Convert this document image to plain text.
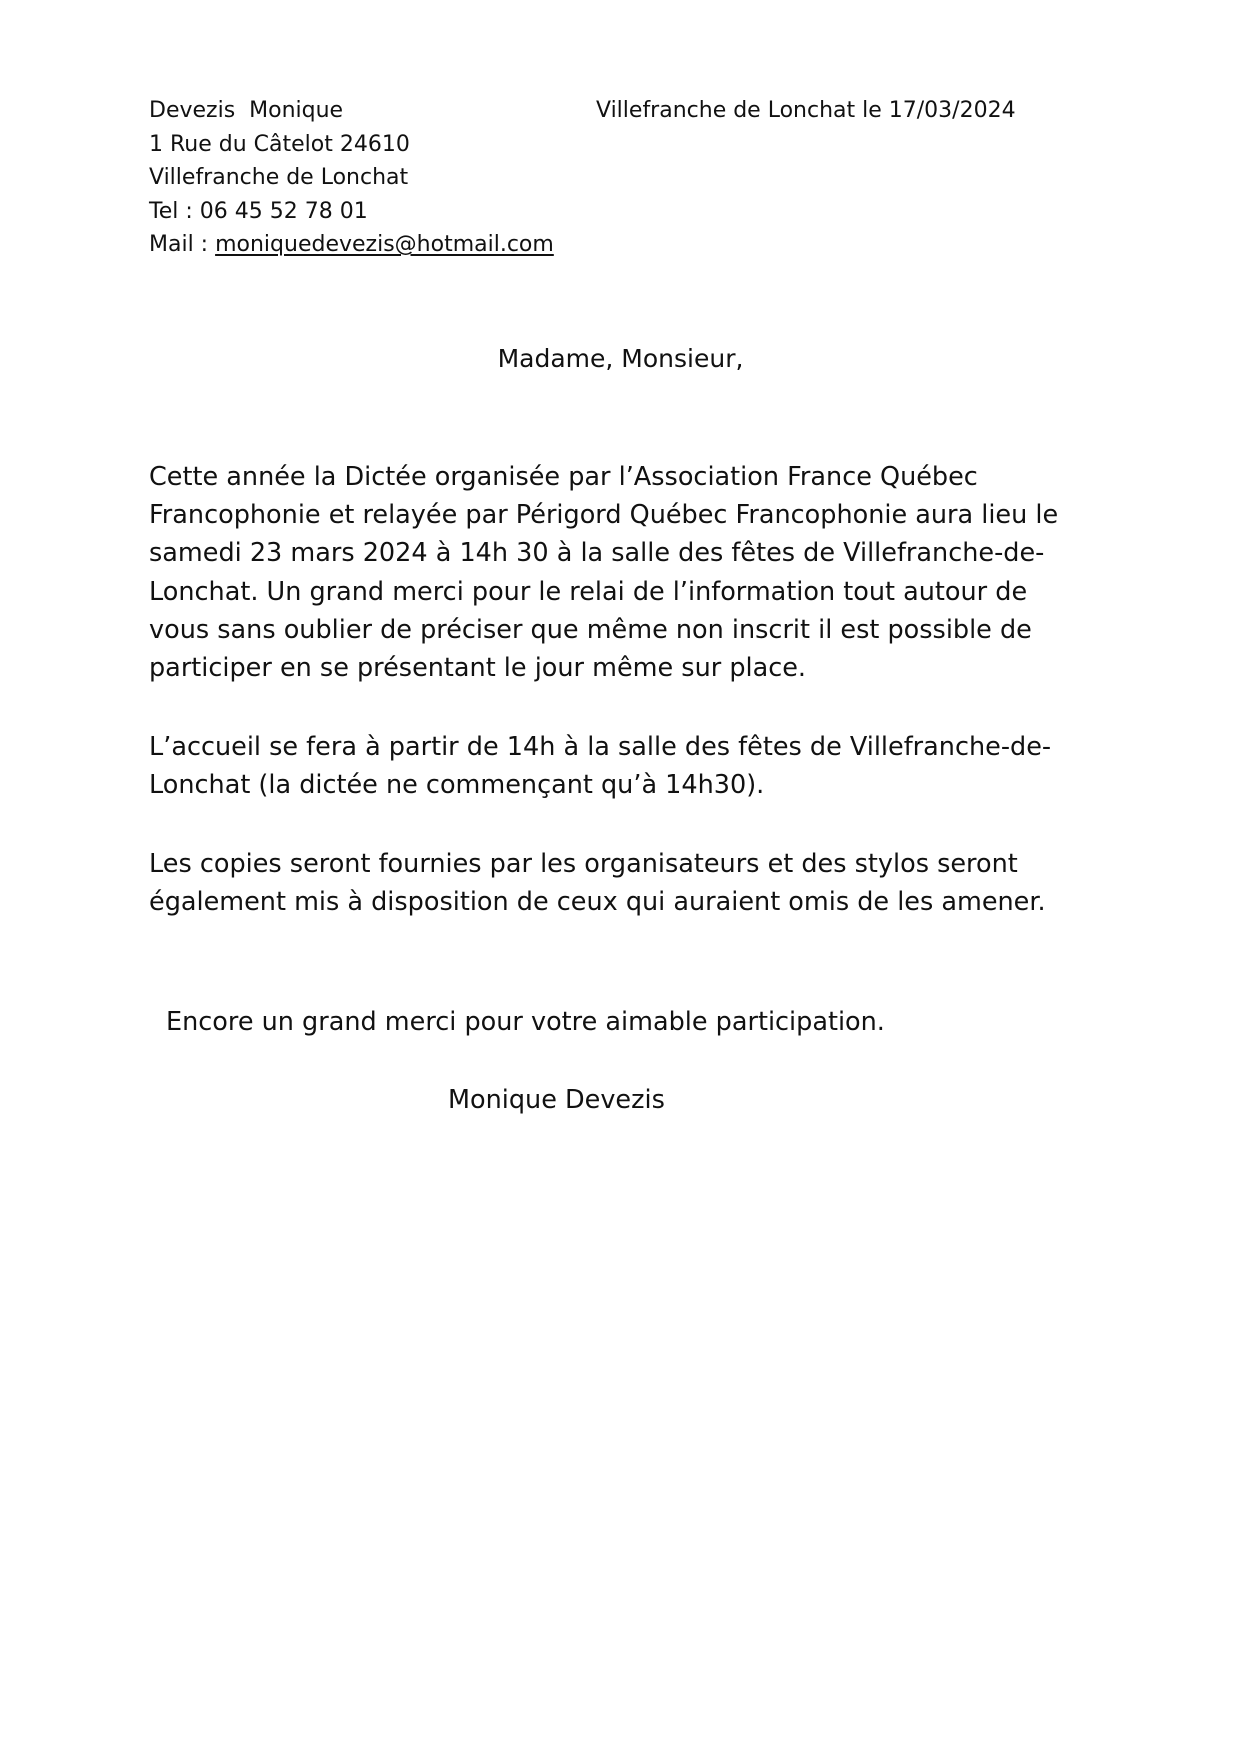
Devezis  Monique
1 Rue du Câtelot 24610
Villefranche de Lonchat
Tel : 06 45 52 78 01
Mail : moniquedevezis@hotmail.com
Villefranche de Lonchat le 17/03/2024
Madame, Monsieur,
Cette année la Dictée organisée par l’Association France Québec
Francophonie et relayée par Périgord Québec Francophonie aura lieu le
samedi 23 mars 2024 à 14h 30 à la salle des fêtes de Villefranche-de-
Lonchat. Un grand merci pour le relai de l’information tout autour de
vous sans oublier de préciser que même non inscrit il est possible de
participer en se présentant le jour même sur place.
L’accueil se fera à partir de 14h à la salle des fêtes de Villefranche-de-
Lonchat (la dictée ne commençant qu’à 14h30).
Les copies seront fournies par les organisateurs et des stylos seront
également mis à disposition de ceux qui auraient omis de les amener.
Encore un grand merci pour votre aimable participation.
Monique Devezis
